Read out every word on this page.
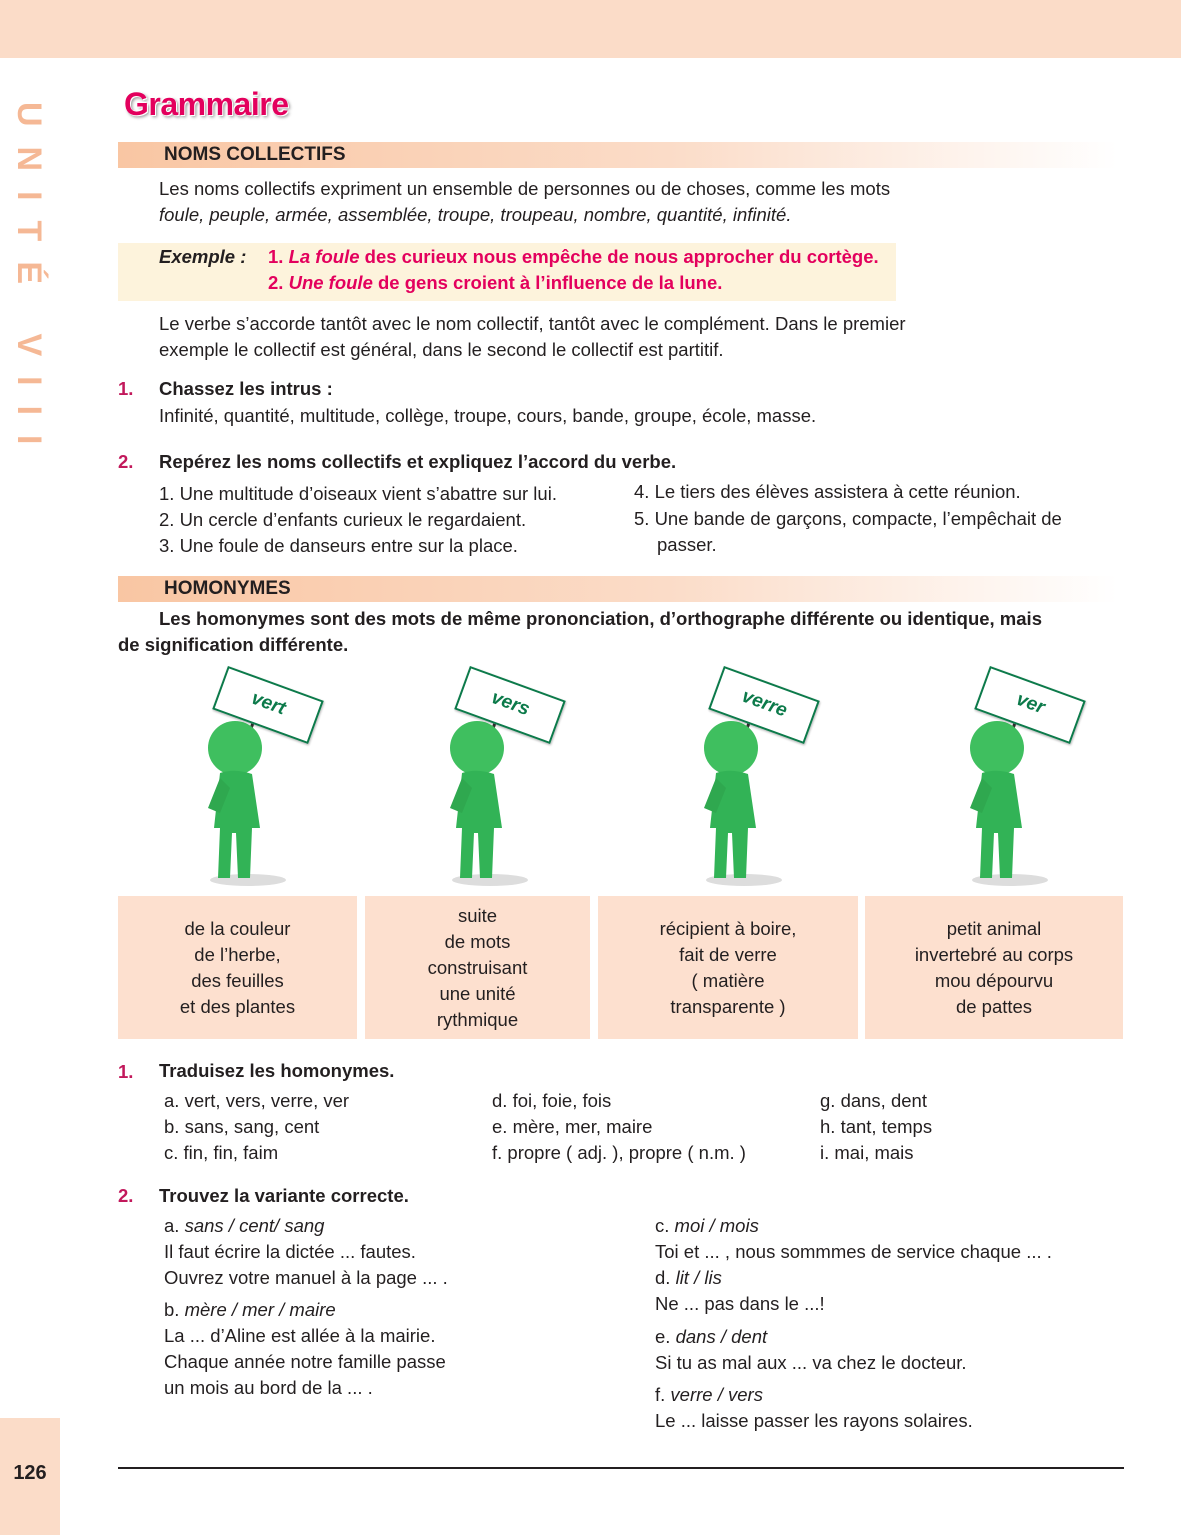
UNITÉ VIII
126
Grammaire
NOMS COLLECTIFS
Les noms collectifs expriment un ensemble de personnes ou de choses, comme les mots
foule, peuple, armée, assemblée, troupe, troupeau, nombre, quantité, infinité.
Exemple : 1. La foule des curieux nous empêche de nous approcher du cortège.
2. Une foule de gens croient à l’influence de la lune.
Le verbe s’accorde tantôt avec le nom collectif, tantôt avec le complément. Dans le premier
exemple le collectif est général, dans le second le collectif est partitif.
1. Chassez les intrus :
Infinité, quantité, multitude, collège, troupe, cours, bande, groupe, école, masse.
2. Repérez les noms collectifs et expliquez l’accord du verbe.
1. Une multitude d’oiseaux vient s’abattre sur lui.
2. Un cercle d’enfants curieux le regardaient.
3. Une foule de danseurs entre sur la place.
4. Le tiers des élèves assistera à cette réunion.
5. Une bande de garçons, compacte, l’empêchait de
passer.
HOMONYMES
Les homonymes sont des mots de même prononciation, d’orthographe différente ou identique, mais
de signification différente.
vert	vers	verre	ver
de la couleur
de l’herbe,
des feuilles
et des plantes
suite
de mots
construisant
une unité
rythmique
récipient à boire,
fait de verre
( matière
transparente )
petit animal
invertebré au corps
mou dépourvu
de pattes
1. Traduisez les homonymes.
a. vert, vers, verre, ver
b. sans, sang, cent
c. fin, fin, faim
d. foi, foie, fois
e. mère, mer, maire
f. propre ( adj. ), propre ( n.m. )
g. dans, dent
h. tant, temps
i. mai, mais
2. Trouvez la variante correcte.
a. sans / cent/ sang
Il faut écrire la dictée ... fautes.
Ouvrez votre manuel à la page ... .
b. mère / mer / maire
La ... d’Aline est allée à la mairie.
Chaque année notre famille passe
un mois au bord de la ... .
c. moi / mois
Toi et ... , nous sommmes de service chaque ... .
d. lit / lis
Ne ... pas dans le ...!
e. dans / dent
Si tu as mal aux ... va chez le docteur.
f. verre / vers
Le ... laisse passer les rayons solaires.
